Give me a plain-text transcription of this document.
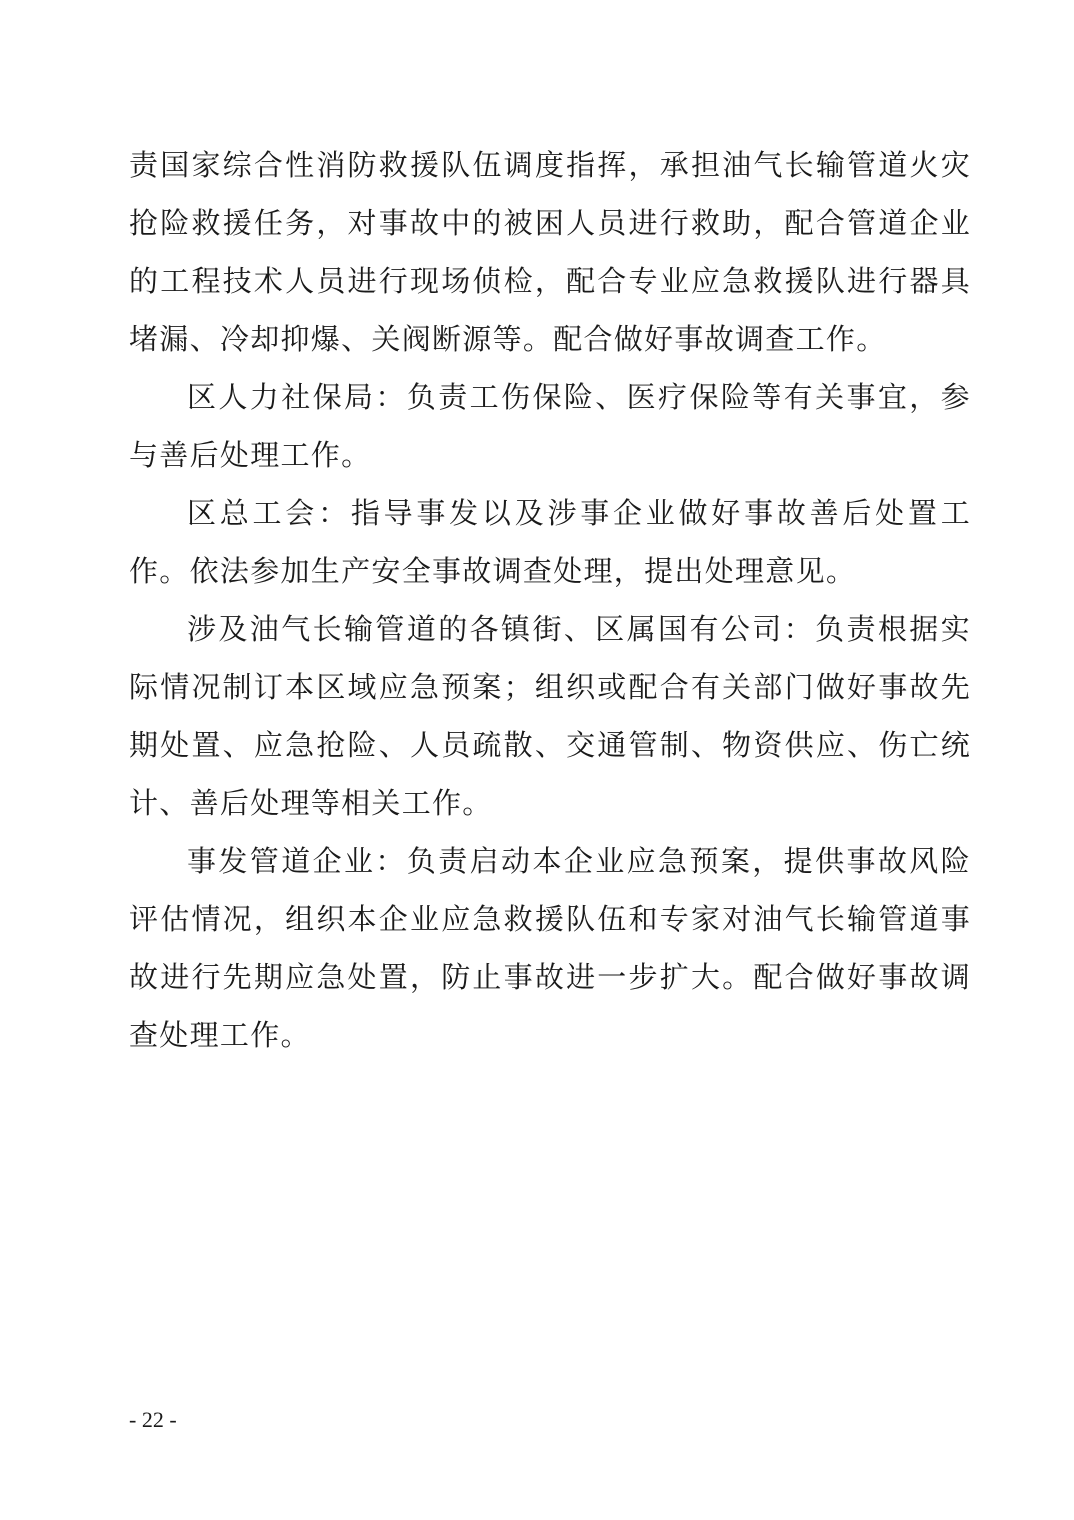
责国家综合性消防救援队伍调度指挥，承担油气长输管道火灾抢险救援任务，对事故中的被困人员进行救助，配合管道企业的工程技术人员进行现场侦检，配合专业应急救援队进行器具堵漏、冷却抑爆、关阀断源等。配合做好事故调查工作。

区人力社保局：负责工伤保险、医疗保险等有关事宜，参与善后处理工作。

区总工会：指导事发以及涉事企业做好事故善后处置工作。依法参加生产安全事故调查处理，提出处理意见。

涉及油气长输管道的各镇街、区属国有公司：负责根据实际情况制订本区域应急预案；组织或配合有关部门做好事故先期处置、应急抢险、人员疏散、交通管制、物资供应、伤亡统计、善后处理等相关工作。

事发管道企业：负责启动本企业应急预案，提供事故风险评估情况，组织本企业应急救援队伍和专家对油气长输管道事故进行先期应急处置，防止事故进一步扩大。配合做好事故调查处理工作。

- 22 -
